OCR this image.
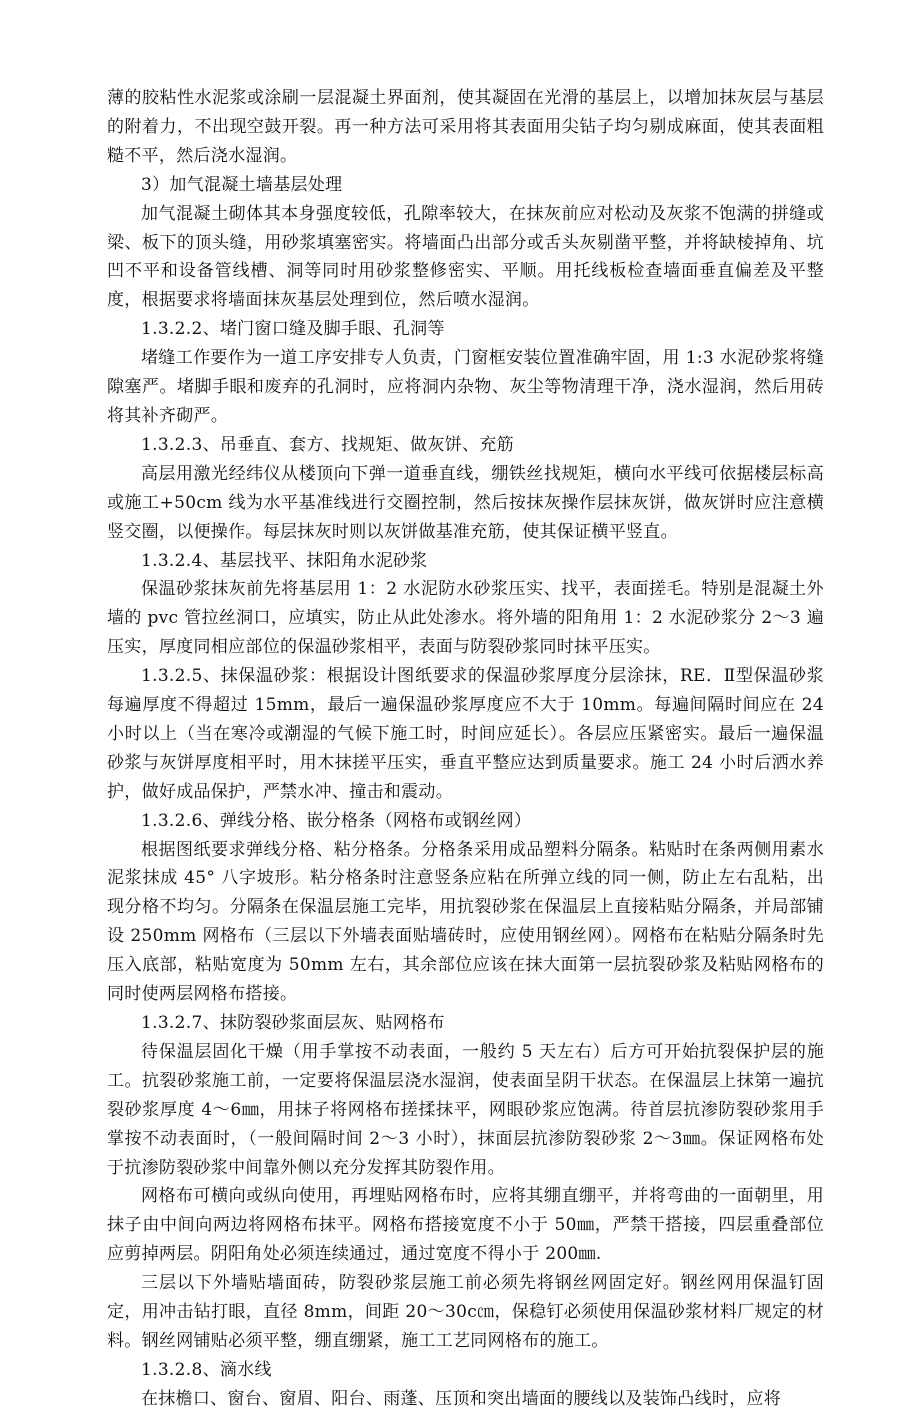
薄的胶粘性水泥浆或涂刷一层混凝土界面剂，使其凝固在光滑的基层上，以增加抹灰层与基层的附着力，不出现空鼓开裂。再一种方法可采用将其表面用尖钻子均匀剔成麻面，使其表面粗糙不平，然后浇水湿润。

3）加气混凝土墙基层处理

加气混凝土砌体其本身强度较低，孔隙率较大，在抹灰前应对松动及灰浆不饱满的拼缝或梁、板下的顶头缝，用砂浆填塞密实。将墙面凸出部分或舌头灰剔凿平整，并将缺棱掉角、坑凹不平和设备管线槽、洞等同时用砂浆整修密实、平顺。用托线板检查墙面垂直偏差及平整度，根据要求将墙面抹灰基层处理到位，然后喷水湿润。

1.3.2.2、堵门窗口缝及脚手眼、孔洞等

堵缝工作要作为一道工序安排专人负责，门窗框安装位置准确牢固，用 1:3 水泥砂浆将缝隙塞严。堵脚手眼和废弃的孔洞时，应将洞内杂物、灰尘等物清理干净，浇水湿润，然后用砖将其补齐砌严。

1.3.2.3、吊垂直、套方、找规矩、做灰饼、充筋

高层用激光经纬仪从楼顶向下弹一道垂直线，绷铁丝找规矩，横向水平线可依据楼层标高或施工+50cm 线为水平基准线进行交圈控制，然后按抹灰操作层抹灰饼，做灰饼时应注意横竖交圈，以便操作。每层抹灰时则以灰饼做基准充筋，使其保证横平竖直。

1.3.2.4、基层找平、抹阳角水泥砂浆

保温砂浆抹灰前先将基层用 1：2 水泥防水砂浆压实、找平，表面搓毛。特别是混凝土外墙的 pvc 管拉丝洞口，应填实，防止从此处渗水。将外墙的阳角用 1：2 水泥砂浆分 2～3 遍压实，厚度同相应部位的保温砂浆相平，表面与防裂砂浆同时抹平压实。

1.3.2.5、抹保温砂浆：根据设计图纸要求的保温砂浆厚度分层涂抹，RE．Ⅱ型保温砂浆每遍厚度不得超过 15mm，最后一遍保温砂浆厚度应不大于 10mm。每遍间隔时间应在 24 小时以上（当在寒冷或潮湿的气候下施工时，时间应延长）。各层应压紧密实。最后一遍保温砂浆与灰饼厚度相平时，用木抹搓平压实，垂直平整应达到质量要求。施工 24 小时后洒水养护，做好成品保护，严禁水冲、撞击和震动。

1.3.2.6、弹线分格、嵌分格条（网格布或钢丝网）

根据图纸要求弹线分格、粘分格条。分格条采用成品塑料分隔条。粘贴时在条两侧用素水泥浆抹成 45° 八字坡形。粘分格条时注意竖条应粘在所弹立线的同一侧，防止左右乱粘，出现分格不均匀。分隔条在保温层施工完毕，用抗裂砂浆在保温层上直接粘贴分隔条，并局部铺设 250mm 网格布（三层以下外墙表面贴墙砖时，应使用钢丝网）。网格布在粘贴分隔条时先压入底部，粘贴宽度为 50mm 左右，其余部位应该在抹大面第一层抗裂砂浆及粘贴网格布的同时使两层网格布搭接。

1.3.2.7、抹防裂砂浆面层灰、贴网格布

待保温层固化干燥（用手掌按不动表面，一般约 5 天左右）后方可开始抗裂保护层的施工。抗裂砂浆施工前，一定要将保温层浇水湿润，使表面呈阴干状态。在保温层上抹第一遍抗裂砂浆厚度 4～6㎜，用抹子将网格布搓揉抹平，网眼砂浆应饱满。待首层抗渗防裂砂浆用手掌按不动表面时，（一般间隔时间 2～3 小时），抹面层抗渗防裂砂浆 2～3㎜。保证网格布处于抗渗防裂砂浆中间靠外侧以充分发挥其防裂作用。

网格布可横向或纵向使用，再埋贴网格布时，应将其绷直绷平，并将弯曲的一面朝里，用抹子由中间向两边将网格布抹平。网格布搭接宽度不小于 50㎜，严禁干搭接，四层重叠部位应剪掉两层。阴阳角处必须连续通过，通过宽度不得小于 200㎜.

三层以下外墙贴墙面砖，防裂砂浆层施工前必须先将钢丝网固定好。钢丝网用保温钉固定，用冲击钻打眼，直径 8mm，间距 20～30c㎝，保稳钉必须使用保温砂浆材料厂规定的材料。钢丝网铺贴必须平整，绷直绷紧，施工工艺同网格布的施工。

1.3.2.8、滴水线

在抹檐口、窗台、窗眉、阳台、雨蓬、压顶和突出墙面的腰线以及装饰凸线时，应将
